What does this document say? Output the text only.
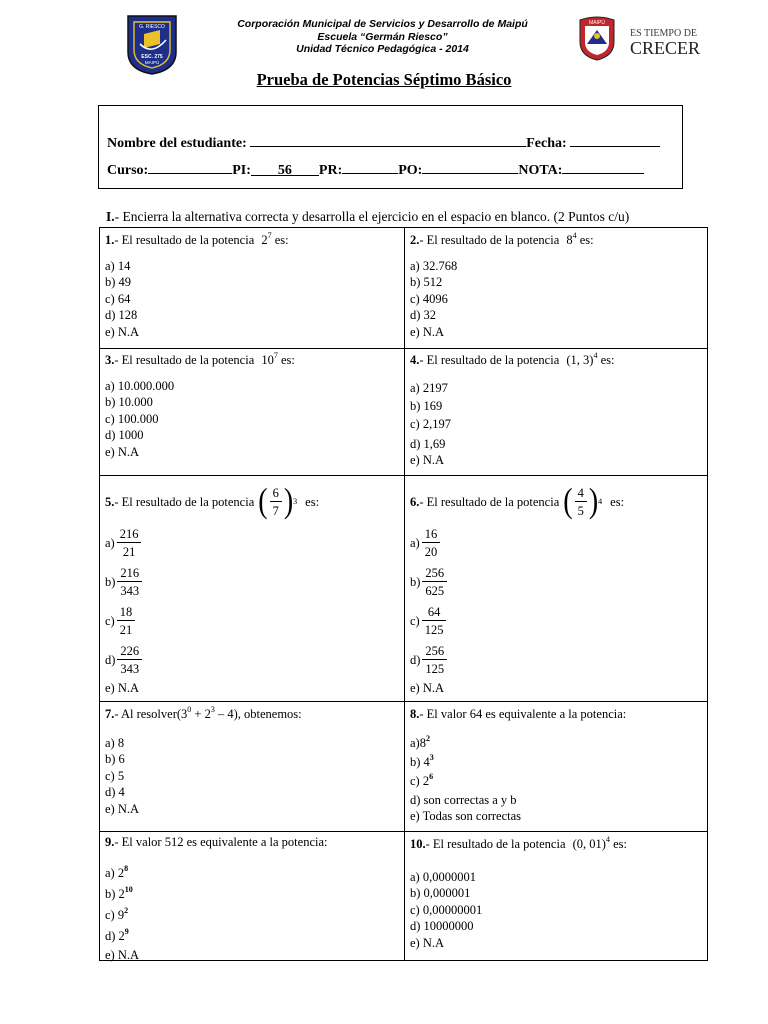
G. RIESCO
ESC. 275
MAIPÚ
Corporación Municipal de Servicios y Desarrollo de Maipú
Escuela “Germán Riesco”
Unidad Técnico Pedagógica - 2014
MAIPÚ
ES TIEMPO DE
CRECER
Prueba de Potencias Séptimo Básico
Nombre del estudiante:	Fecha:
Curso:	PI: 56 PR:	PO:	NOTA:
I.- Encierra la alternativa correcta y desarrolla el ejercicio en el espacio en blanco. (2 Puntos c/u)
1.- El resultado de la potencia $2^7$ es:
a) 14
b) 49
c) 64
d) 128
e) N.A
2.- El resultado de la potencia $8^4$ es:
a) 32.768
b) 512
c) 4096
d) 32
e) N.A
3.- El resultado de la potencia $10^7$ es:
a) 10.000.000
b) 10.000
c) 100.000
d) 1000
e) N.A
4.- El resultado de la potencia (1, 3)$^4$ es:
a) 2197
b) 169
c) 2,197
d) 1,69
e) N.A
5. - El resultado de la potencia ( $\frac{6}{7}$ ) 3 es:
$a) \frac{216}{21}$
$b) \frac{216}{343}$
$c) \frac{18}{21}$
$d) \frac{226}{343}$
e) N.A
6. - El resultado de la potencia ( $\frac{4}{5}$ ) 4 es:
$a) \frac{16}{20}$
$b) \frac{256}{625}$
$c) \frac{64}{125}$
$d) \frac{256}{125}$
e) N.A
7.- Al $resolver(3^0 + 2^3 - 4)$, obtenemos:
a) 8
b) 6
c) 5
d) 4
e) N.A
8.- El valor 64 es equivalente a la potencia:
$a)8^2$
b) $4^3$
c) $2^6$
d) son correctas a y b
e) Todas son correctas
9.- El valor 512 es equivalente a la potencia:
a) $2^8$
b) $2^{10}$
c) $9^2$
d) $2^9$
e) N.A
10.- El resultado de la potencia (0, 01)$^4$ es:
a) 0,0000001
b) 0,000001
c) 0,00000001
d) 10000000
e) N.A
